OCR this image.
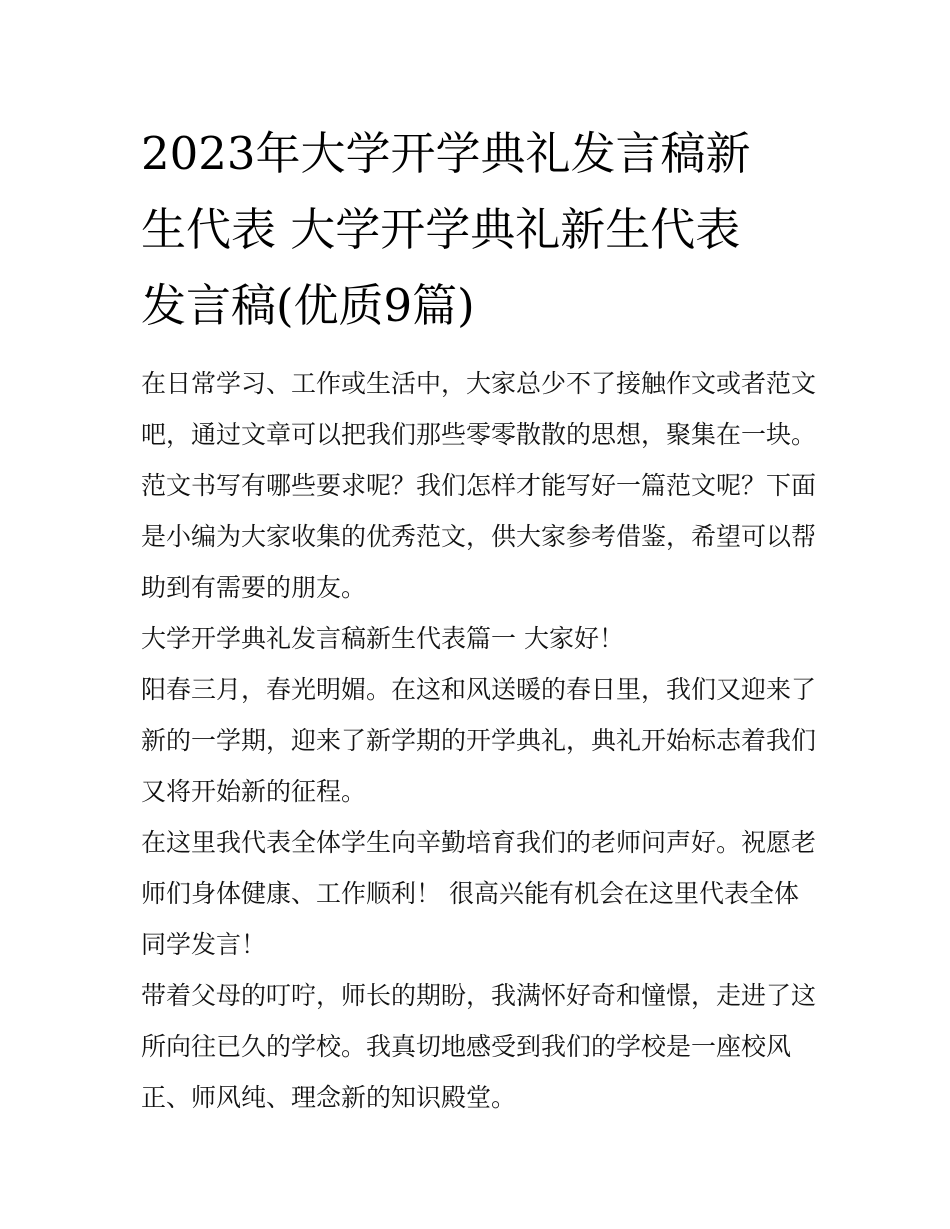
2023年大学开学典礼发言稿新
生代表 大学开学典礼新生代表
发言稿(优质9篇)

在日常学习、工作或生活中，大家总少不了接触作文或者范文
吧，通过文章可以把我们那些零零散散的思想，聚集在一块。
范文书写有哪些要求呢？我们怎样才能写好一篇范文呢？下面
是小编为大家收集的优秀范文，供大家参考借鉴，希望可以帮
助到有需要的朋友。

大学开学典礼发言稿新生代表篇一 大家好！

阳春三月，春光明媚。在这和风送暖的春日里，我们又迎来了
新的一学期，迎来了新学期的开学典礼，典礼开始标志着我们
又将开始新的征程。

在这里我代表全体学生向辛勤培育我们的老师问声好。祝愿老
师们身体健康、工作顺利！ 很高兴能有机会在这里代表全体
同学发言！

带着父母的叮咛，师长的期盼，我满怀好奇和憧憬，走进了这
所向往已久的学校。我真切地感受到我们的学校是一座校风
正、师风纯、理念新的知识殿堂。
